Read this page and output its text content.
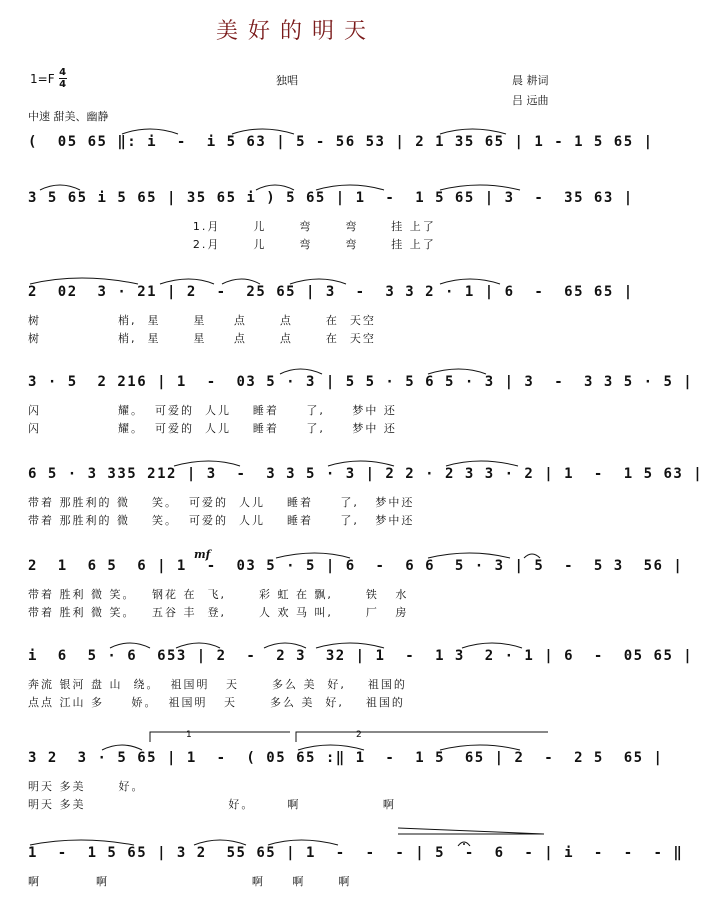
美好的明天
$1=F \frac{4}{4}$	独唱	晨 耕词
吕 远曲
中速 甜美、幽静
(  05 65 ‖: i  -  i 5 63 | 5 - 56 53 | 2 1 35 65 | 1 - 1 5 65 |
3 5 65 i 5 65 | 35 65 i ) 5 65 | 1  -  1 5 65 | 3  -  35 63 |
1.月      儿      弯      弯      挂 上了
2.月      儿      弯      弯      挂 上了
2  02  3 · 21 | 2  -  25 65 | 3  -  3 3 2 · 1 | 6  -  65 65 |
树              梢,  星      星     点      点      在  天空
树              梢,  星      星     点      点      在  天空
3 · 5  2 216 | 1  -  03 5 · 3 | 5 5 · 5 6 5 · 3 | 3  -  3 3 5 · 5 |
闪              耀。  可爱的  人儿    睡着     了,     梦中 还
闪              耀。  可爱的  人儿    睡着     了,     梦中 还
6 5 · 3 335 212 | 3  -  3 3 5 · 3 | 2 2 · 2 3 3 · 2 | 1  -  1 5 63 |
带着 那胜利的 微    笑。  可爱的  人儿    睡着     了,   梦中还
带着 那胜利的 微    笑。  可爱的  人儿    睡着     了,   梦中还
2  1  6 5  6 | 1  -  03 5 · 5 | 6  -  6 6  5 · 3 | 5  -  5 3  56 |
带着 胜利 微 笑。   钢花 在  飞,      彩 虹 在 飘,      铁   水
带着 胜利 微 笑。   五谷 丰  登,      人 欢 马 叫,      厂   房
i  6  5 · 6  653 | 2  -  2 3  32 | 1  -  1 3  2 · 1 | 6  -  05 65 |
奔流 银河 盘 山  绕。  祖国明   天      多么 美  好,    祖国的
点点 江山 多     娇。  祖国明   天      多么 美  好,    祖国的
3 2  3 · 5 65 | 1  -  ( 05 65 :‖ 1  -  1 5  65 | 2  -  2 5  65 |
明天 多美      好。
明天 多美                          好。      啊               啊
1  -  1 5 65 | 3 2  55 65 | 1  -  -  - | 5  -  6  - | i  -  -  - ‖
啊          啊                          啊     啊      啊
mf
1	2
